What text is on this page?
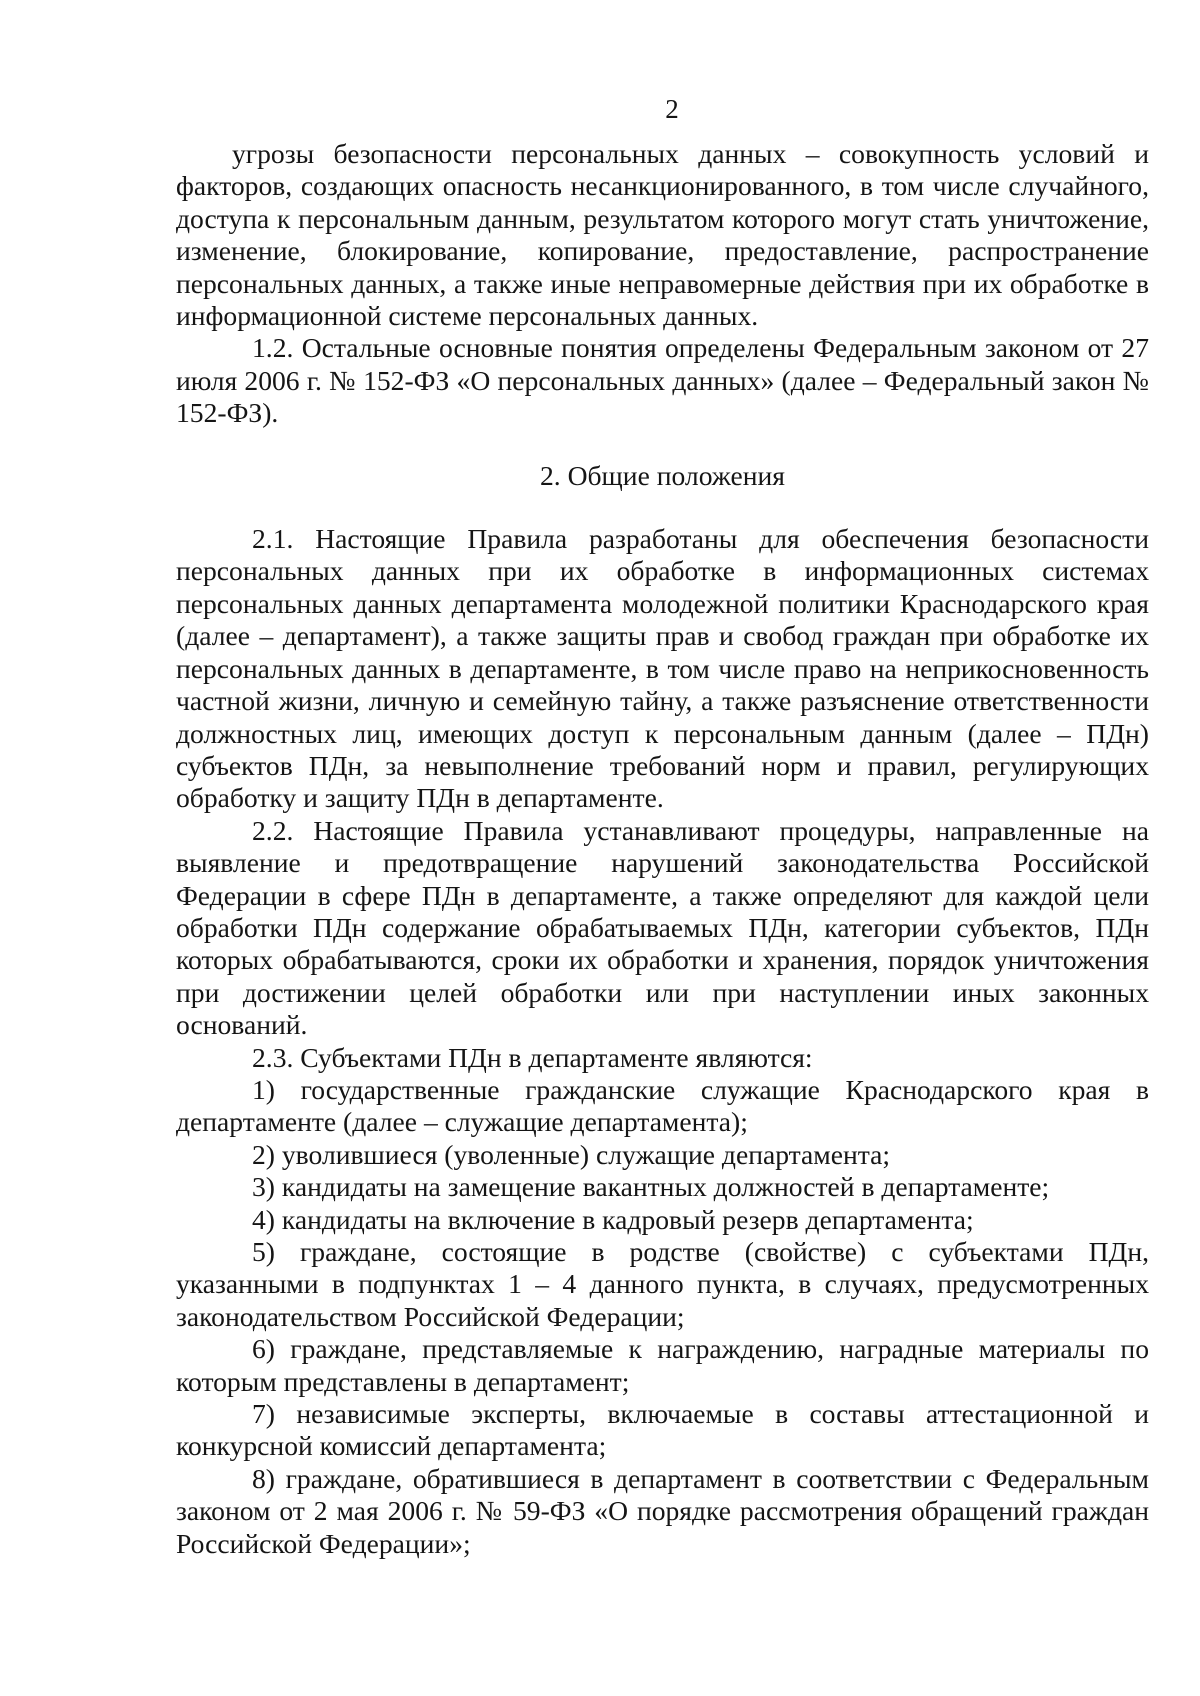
2

угрозы безопасности персональных данных – совокупность условий и факторов, создающих опасность несанкционированного, в том числе случайного, доступа к персональным данным, результатом которого могут стать уничтожение, изменение, блокирование, копирование, предоставление, распространение персональных данных, а также иные неправомерные действия при их обработке в информационной системе персональных данных.

1.2. Остальные основные понятия определены Федеральным законом от 27 июля 2006 г. № 152-ФЗ «О персональных данных» (далее – Федеральный закон № 152-ФЗ).

2. Общие положения

2.1. Настоящие Правила разработаны для обеспечения безопасности персональных данных при их обработке в информационных системах персональных данных департамента молодежной политики Краснодарского края (далее – департамент), а также защиты прав и свобод граждан при обработке их персональных данных в департаменте, в том числе право на неприкосновенность частной жизни, личную и семейную тайну, а также разъяснение ответственности должностных лиц, имеющих доступ к персональным данным (далее – ПДн) субъектов ПДн, за невыполнение требований норм и правил, регулирующих обработку и защиту ПДн в департаменте.

2.2. Настоящие Правила устанавливают процедуры, направленные на выявление и предотвращение нарушений законодательства Российской Федерации в сфере ПДн в департаменте, а также определяют для каждой цели обработки ПДн содержание обрабатываемых ПДн, категории субъектов, ПДн которых обрабатываются, сроки их обработки и хранения, порядок уничтожения при достижении целей обработки или при наступлении иных законных оснований.

2.3. Субъектами ПДн в департаменте являются:

1) государственные гражданские служащие Краснодарского края в департаменте (далее – служащие департамента);

2) уволившиеся (уволенные) служащие департамента;

3) кандидаты на замещение вакантных должностей в департаменте;

4) кандидаты на включение в кадровый резерв департамента;

5) граждане, состоящие в родстве (свойстве) с субъектами ПДн, указанными в подпунктах 1 – 4 данного пункта, в случаях, предусмотренных законодательством Российской Федерации;

6) граждане, представляемые к награждению, наградные материалы по которым представлены в департамент;

7) независимые эксперты, включаемые в составы аттестационной и конкурсной комиссий департамента;

8) граждане, обратившиеся в департамент в соответствии с Федеральным законом от 2 мая 2006 г. № 59-ФЗ «О порядке рассмотрения обращений граждан Российской Федерации»;
